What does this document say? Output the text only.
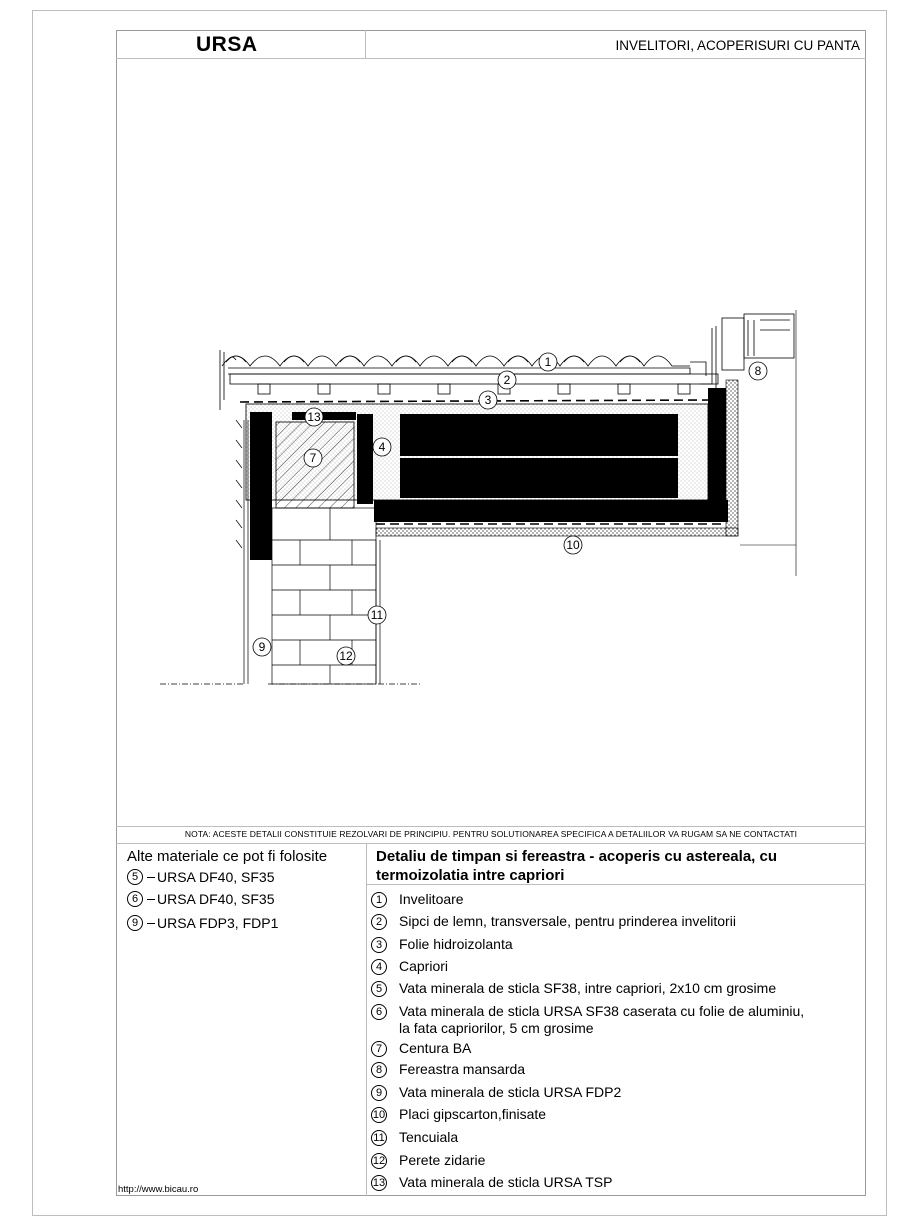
URSA	INVELITORI, ACOPERISURI CU PANTA
1
2
3
4
7
8
9
10
11
12
13
NOTA: ACESTE DETALII CONSTITUIE REZOLVARI DE PRINCIPIU. PENTRU SOLUTIONAREA SPECIFICA A DETALIILOR VA RUGAM SA NE CONTACTATI
Alte materiale ce pot fi folosite
5	URSA DF40, SF35
6	URSA DF40, SF35
9	URSA FDP3, FDP1
Detaliu de timpan si fereastra - acoperis cu astereala, cu termoizolatia intre capriori
1	Invelitoare
2	Sipci de lemn, transversale, pentru prinderea invelitorii
3	Folie hidroizolanta
4	Capriori
5	Vata minerala de sticla SF38, intre capriori, 2x10 cm grosime
6	Vata minerala de sticla URSA SF38 caserata cu folie de aluminiu,
la fata capriorilor, 5 cm grosime
7	Centura BA
8	Fereastra mansarda
9	Vata minerala de sticla URSA FDP2
10 Placi gipscarton,finisate
11 Tencuiala
12 Perete zidarie
13 Vata minerala de sticla URSA TSP
http://www.bicau.ro
